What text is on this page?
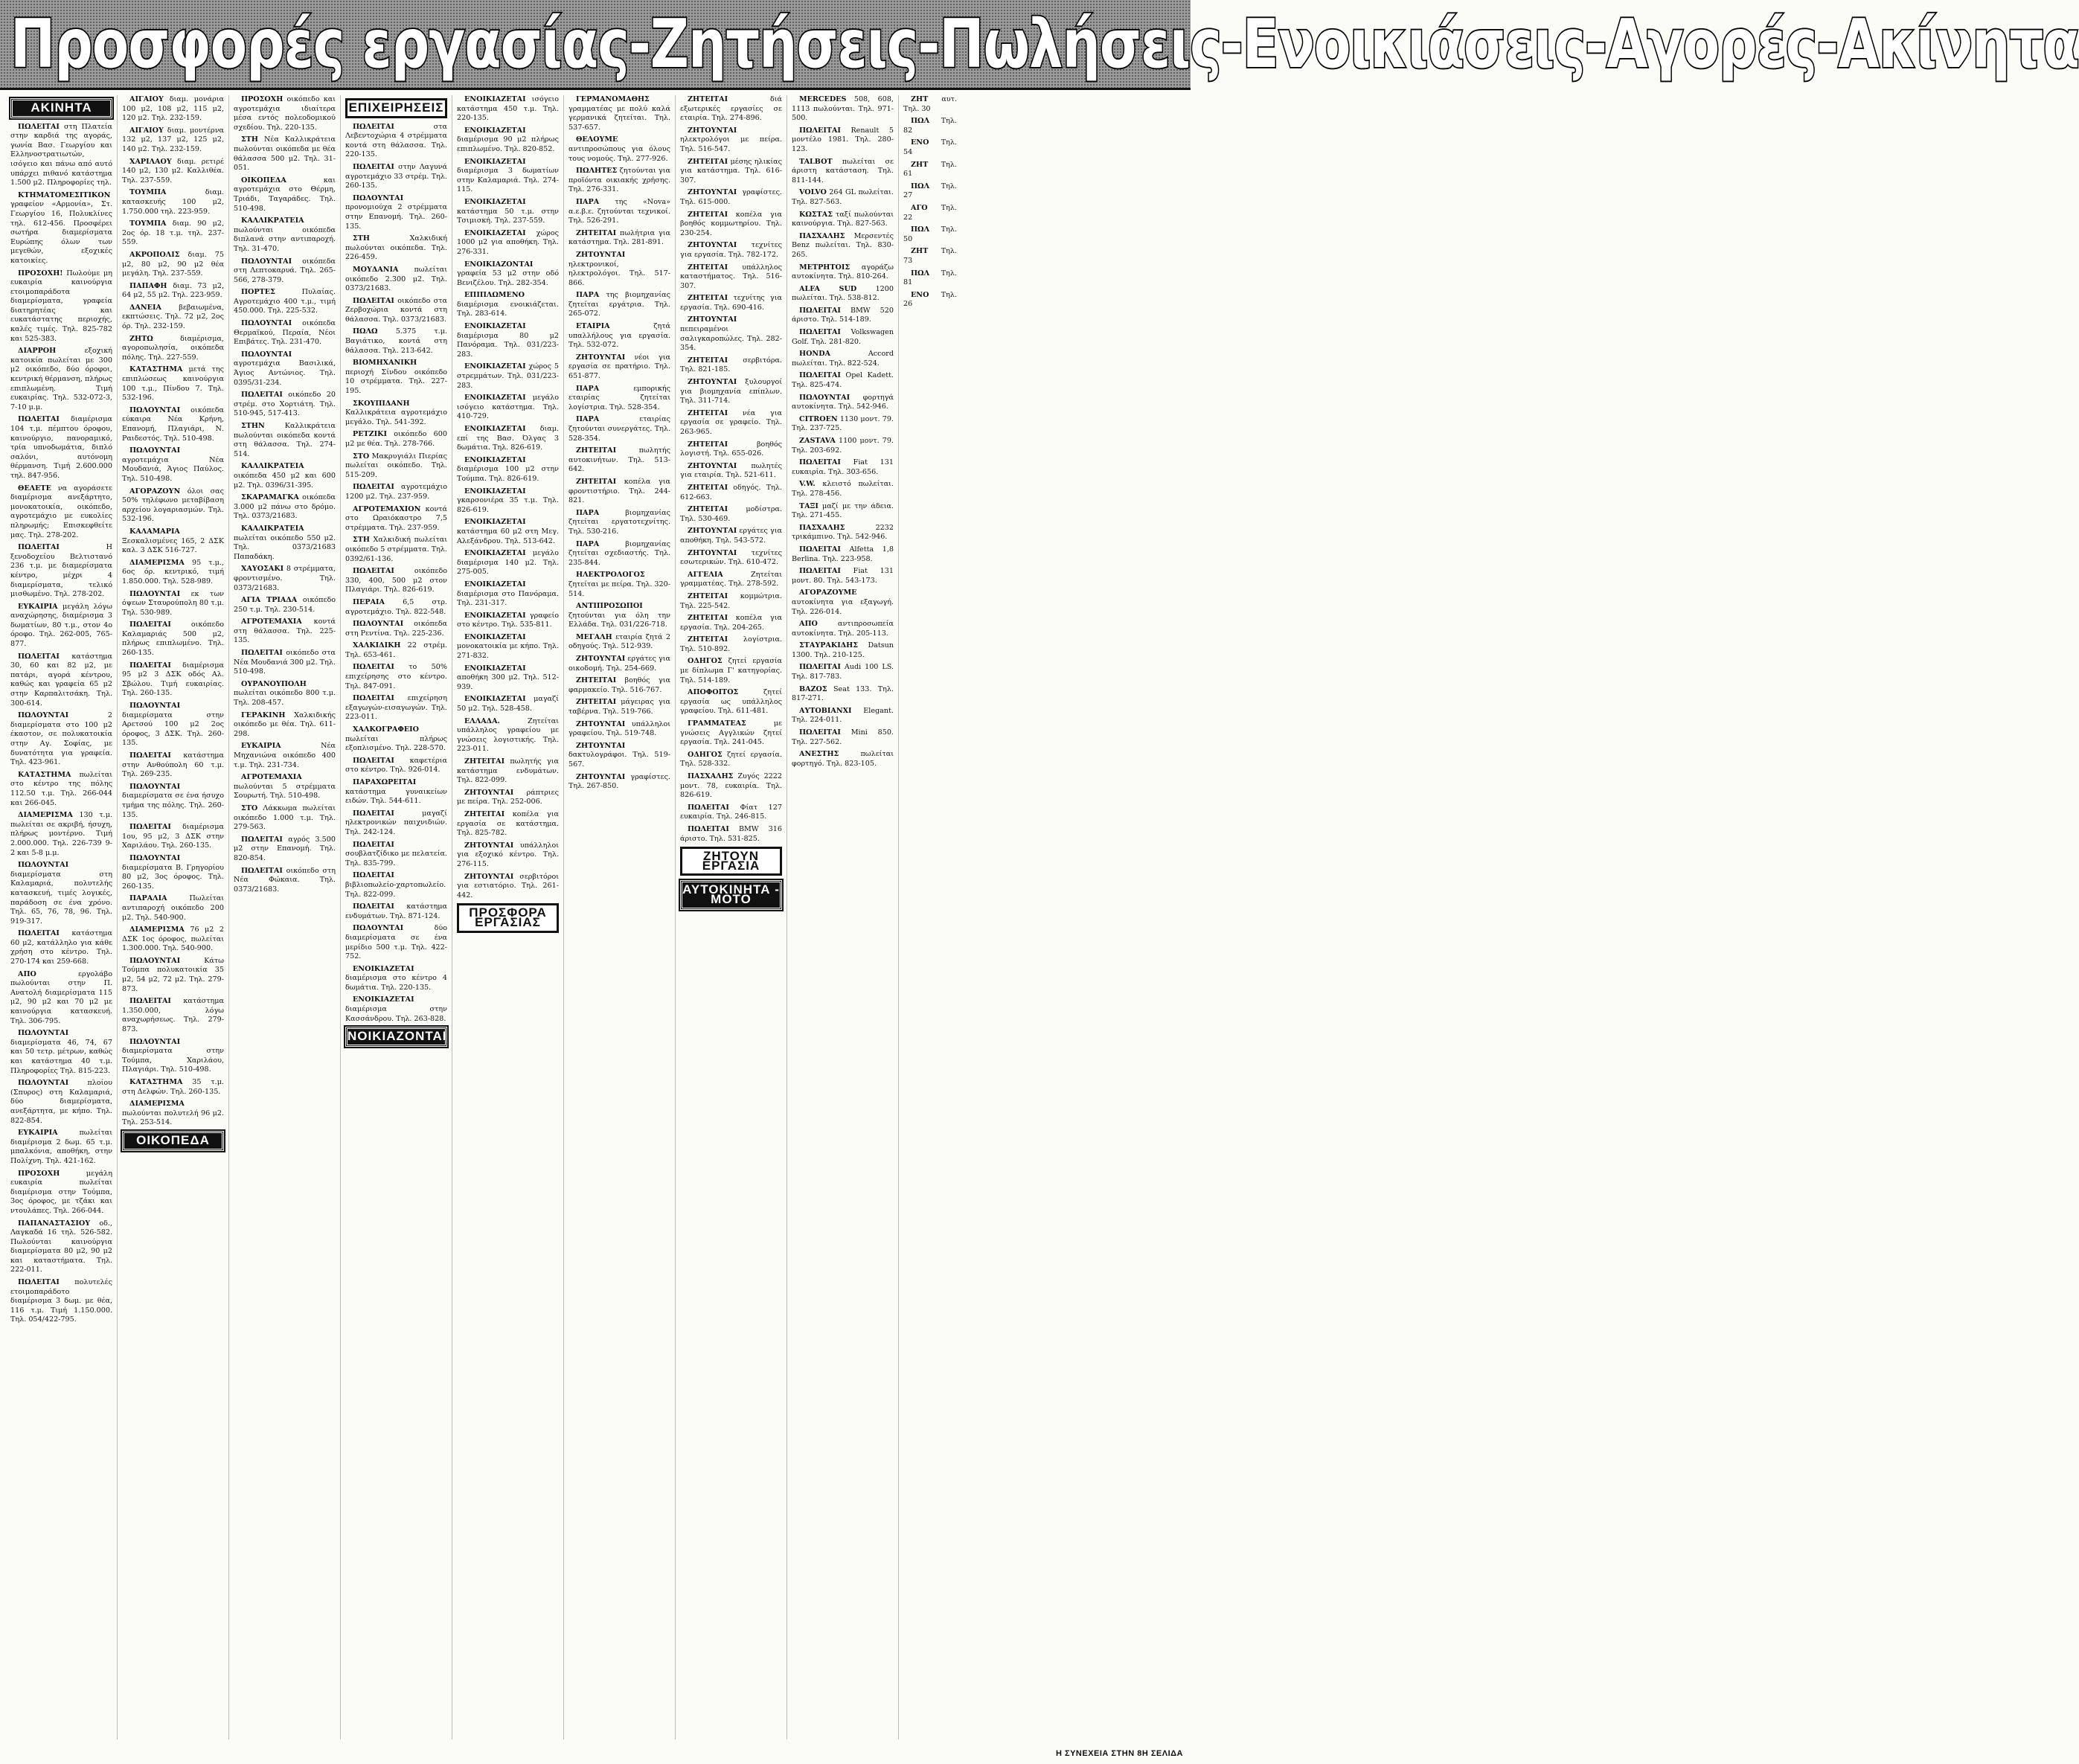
Προσφορές εργασίας-Ζητήσεις-Πωλήσεις-Ενοικιάσεις-Αγορές-Ακίνητα
ΑΚΙΝΗΤΑ

ΠΩΛΕΙΤΑΙ στη Πλατεία στην καρδιά της αγοράς, γωνία Βασ. Γεωργίου και Ελληνοστρατιωτών, ισόγειο και πάνω από αυτό υπάρχει πιθανό κατάστημα 1.500 μ2. Πληροφορίες τηλ.

ΚΤΗΜΑΤΟΜΕΣΙΤΙΚΟΝ γραφείον «Αρμονία», Στ. Γεωργίου 16, Πολυκλίνες τηλ. 612-456. Προσφέρει σωτήρα διαμερίσματα Ευρώπης όλων των μεγεθών, εξοχικές κατοικίες.

ΠΡΟΣΟΧΗ! Πωλούμε μη ευκαιρία καινούργια ετοιμοπαράδοτα διαμερίσματα, γραφεία διατηρητέας και ευκατάστατης περιοχής, καλές τιμές. Τηλ. 825-782 και 525-383.

ΔΙΑΡΡΟΗ	εξοχική κατοικία πωλείται με 300 μ2 οικόπεδο, δύο όροφοι, κεντρική θέρμανση, πλήρως επιπλωμένη. Τιμή ευκαιρίας. Τηλ. 532-072-3, 7-10 μ.μ.

ΠΩΛΕΙΤΑΙ διαμέρισμα 104 τ.μ. πέμπτου όροφου, καινούργιο, πανοραμικό, τρία υπνοδωμάτια, διπλό σαλόνι, αυτόνομη θέρμανση. Τιμή 2.600.000 τηλ. 847-956.

ΘΕΛΕΤΕ να αγοράσετε διαμέρισμα ανεξάρτητο, μονοκατοικία, οικόπεδο, αγροτεμάχιο με ευκολίες πληρωμής; Επισκεφθείτε μας. Τηλ. 278-202.

ΠΩΛΕΙΤΑΙ	Η ξενοδοχείου Βελτιστανό 236 τ.μ. με διαμερίσματα κέντρο, μέχρι 4 διαμερίσματα, τελικό μισθωμένο. Τηλ. 278-202.

ΕΥΚΑΙΡΙΑ μεγάλη λόγω αναχώρησης, διαμέρισμα 3 δωματίων, 80 τ.μ., στον 4ο όροφο. Τηλ. 262-005, 765-877.

ΠΩΛΕΙΤΑΙ κατάστημα 30, 60 και 82 μ2, με πατάρι, αγορά κέντρου, καθώς και γραφεία 65 μ2 στην Καρπαλιτσάκη. Τηλ. 300-614.

ΠΩΛΟΥΝΤΑΙ	2 διαμερίσματα στο 100 μ2 έκαστον, σε πολυκατοικία στην Αγ. Σοφίας, με δυνατότητα για γραφεία. Τηλ. 423-961.

ΚΑΤΑΣΤΗΜΑ πωλείται στο κέντρο της πόλης 112.50 τ.μ. Τηλ. 266-044 και 266-045.

ΔΙΑΜΕΡΙΣΜΑ 130 τ.μ. πωλείται σε ακριβή, ήσυχη, πλήρως μοντέρνο. Τιμή 2.000.000. Τηλ. 226-739 9-2 και 5-8 μ.μ.

ΠΩΛΟΥΝΤΑΙ διαμερίσματα στη Καλαμαριά, πολυτελής κατασκευή, τιμές λογικές, παράδοση σε ένα χρόνο. Τηλ. 65, 76, 78, 96. Τηλ. 919-317.

ΠΩΛΕΙΤΑΙ κατάστημα 60 μ2, κατάλληλο για κάθε χρήση στο κέντρο. Τηλ. 270-174 και 259-668.

ΑΠΟ	εργολάβο πωλούνται στην Π. Ανατολή διαμερίσματα 115 μ2, 90 μ2 και 70 μ2 με καινούργια κατασκευή. Τηλ. 306-795.

ΠΩΛΟΥΝΤΑΙ διαμερίσματα 46, 74, 67 και 50 τετρ. μέτρων, καθώς και κατάστημα 40 τ.μ. Πληροφορίες Τηλ. 815-223.

ΠΩΛΟΥΝΤΑΙ	πλοίου (Σπυρος) στη Καλαμαριά, δύο διαμερίσματα, ανεξάρτητα, με κήπο. Τηλ. 822-854.

ΕΥΚΑΙΡΙΑ	πωλείται διαμέρισμα 2 δωμ. 65 τ.μ. μπαλκόνια, αποθήκη, στην Πολίχνη. Τηλ. 421-162.

ΠΡΟΣΟΧΗ	μεγάλη ευκαιρία πωλείται διαμέρισμα στην Τούμπα, 3ος όροφος, με τζάκι και ντουλάπες. Τηλ. 266-044.

ΠΑΠΑΝΑΣΤΑΣΙΟΥ οδ., Λαγκαδά 16 τηλ. 526-582. Πωλούνται καινούργια διαμερίσματα 80 μ2, 90 μ2 και καταστήματα. Τηλ. 222-011.

ΠΩΛΕΙΤΑΙ πολυτελές ετοιμοπαράδοτο διαμέρισμα 3 δωμ. με θέα, 116 τ.μ. Τιμή 1.150.000. Τηλ. 054/422-795.

ΑΙΓΑΙΟΥ διαμ. μονάρια 100 μ2, 108 μ2, 115 μ2, 120 μ2. Τηλ. 232-159.

ΑΙΓΑΙΟΥ διαμ. μοντέρνα 132 μ2, 137 μ2, 125 μ2, 140 μ2. Τηλ. 232-159.

ΧΑΡΙΛΑΟΥ διαμ. ρετιρέ 140 μ2, 130 μ2. Καλλιθέα. Τηλ. 237-559.

ΤΟΥΜΠΑ	διαμ. κατασκευής 100 μ2, 1.750.000 τηλ. 223-959.

ΤΟΥΜΠΑ διαμ. 90 μ2, 2ος όρ. 18 τ.μ. τηλ. 237-559.

ΑΚΡΟΠΟΛΙΣ διαμ. 75 μ2, 80 μ2, 90 μ2 θέα μεγάλη. Τηλ. 237-559.

ΠΑΠΑΦΗ διαμ. 73 μ2, 64 μ2, 55 μ2. Τηλ. 223-959.

ΔΑΝΕΙΑ βεβαιωμένα, εκπτώσεις. Τηλ. 72 μ2, 2ος όρ. Τηλ. 232-159.

ΖΗΤΩ	διαμέρισμα, αγοροπωλησία, οικόπεδα πόλης. Τηλ. 227-559.

ΚΑΤΑΣΤΗΜΑ μετά της επιπλώσεως καινούργια 100 τ.μ., Πίνδου 7. Τηλ. 532-196.

ΠΩΛΟΥΝΤΑΙ οικόπεδα εύκαιρα Νέα Κρήνη, Επανομή, Πλαγιάρι, Ν. Ραιδεστός. Τηλ. 510-498.

ΠΩΛΟΥΝΤΑΙ αγροτεμάχια Νέα Μουδανιά, Άγιος Παύλος. Τηλ. 510-498.

ΑΓΟΡΑΖΟΥΝ όλοι σας 50% τηλέφωνο μεταβίβαση αρχείου λογαριασμών. Τηλ. 532-196.

ΚΑΛΑΜΑΡΙΑ Ξεσκαλισμένες 165, 2 ΔΣΚ καλ. 3 ΔΣΚ 516-727.

ΔΙΑΜΕΡΙΣΜΑ 95 τ.μ., 6ος όρ. κεντρικό, τιμή 1.850.000. Τηλ. 528-989.

ΠΩΛΟΥΝΤΑΙ εκ των όψεων Σταυρούπολη 80 τ.μ. Τηλ. 530-989.

ΠΩΛΕΙΤΑΙ	οικόπεδο Καλαμαριάς 500 μ2, πλήρως επιπλωμένο. Τηλ. 260-135.

ΠΩΛΕΙΤΑΙ διαμέρισμα 95 μ2 3 ΔΣΚ οδός Αλ. Σβώλου. Τιμή ευκαιρίας. Τηλ. 260-135.

ΠΩΛΟΥΝΤΑΙ διαμερίσματα στην Αρετσού 100 μ2 2ος όροφος, 3 ΔΣΚ. Τηλ. 260-135.

ΠΩΛΕΙΤΑΙ κατάστημα στην Ανθούπολη 60 τ.μ. Τηλ. 269-235.

ΠΩΛΟΥΝΤΑΙ διαμερίσματα σε ένα ήσυχο τμήμα της πόλης. Τηλ. 260-135.

ΠΩΛΕΙΤΑΙ διαμέρισμα 1ου, 95 μ2, 3 ΔΣΚ στην Χαριλάου. Τηλ. 260-135.

ΠΩΛΟΥΝΤΑΙ διαμερίσματα Β. Γρηγορίου 80 μ2, 3ος όροφος. Τηλ. 260-135.

ΠΑΡΑΛΙΑ	Πωλείται αντιπαροχή οικόπεδο 200 μ2. Τηλ. 540-900.

ΔΙΑΜΕΡΙΣΜΑ 76 μ2 2 ΔΣΚ 1ος όροφος, πωλείται 1.300.000. Τηλ. 540-900.

ΠΩΛΟΥΝΤΑΙ	Κάτω Τούμπα πολυκατοικία 35 μ2, 54 μ2, 72 μ2. Τηλ. 279-873.

ΠΩΛΕΙΤΑΙ κατάστημα 1.350.000, λόγω αναχωρήσεως. Τηλ. 279-873.

ΠΩΛΟΥΝΤΑΙ διαμερίσματα στην Τούμπα, Χαριλάου, Πλαγιάρι. Τηλ. 510-498.

ΚΑΤΑΣΤΗΜΑ 35 τ.μ. στη Δελφών. Τηλ. 260-135.

ΔΙΑΜΕΡΙΣΜΑ πωλούνται πολυτελή 96 μ2. Τηλ. 253-514.

ΟΙΚΟΠΕΔΑ

ΠΡΟΣΟΧΗ οικόπεδο και αγροτεμάχια ιδιαίτερα μέσα εντός πολεοδομικού σχεδίου. Τηλ. 220-135.

ΣΤΗ Νέα Καλλικράτεια πωλούνται οικόπεδα με θέα θάλασσα 500 μ2. Τηλ. 31-051.

ΟΙΚΟΠΕΔΑ	και αγροτεμάχια στο Θέρμη, Τριάδι, Ταγαράδες. Τηλ. 510-498.

ΚΑΛΛΙΚΡΑΤΕΙΑ πωλούνται οικόπεδα διπλανά στην αντιπαροχή. Τηλ. 31-470.

ΠΩΛΟΥΝΤΑΙ οικόπεδα στη Λεπτοκαρυά. Τηλ. 265-566, 278-379.

ΠΟΡΤΕΣ	Πυλαίας. Αγροτεμάχιο 400 τ.μ., τιμή 450.000. Τηλ. 225-532.

ΠΩΛΟΥΝΤΑΙ οικόπεδα Θερμαϊκού, Περαία, Νέοι Επιβάτες. Τηλ. 231-470.

ΠΩΛΟΥΝΤΑΙ αγροτεμάχια Βασιλικά, Άγιος Αντώνιος. Τηλ. 0395/31-234.

ΠΩΛΕΙΤΑΙ οικόπεδο 20 στρέμ. στο Χορτιάτη. Τηλ. 510-945, 517-413.

ΣΤΗΝ	Καλλικράτεια πωλούνται οικόπεδα κοντά στη θάλασσα. Τηλ. 274-514.

ΚΑΛΛΙΚΡΑΤΕΙΑ οικόπεδα 450 μ2 και 600 μ2. Τηλ. 0396/31-395.

ΣΚΑΡΑΜΑΓΚΑ οικόπεδα 3.000 μ2 πάνω στο δρόμο. Τηλ. 0373/21683.

ΚΑΛΛΙΚΡΑΤΕΙΑ πωλείται οικόπεδο 550 μ2. Τηλ. 0373/21683 Παπαδάκη.

ΧΑΥΟΣΑΚΙ 8 στρέμματα, φροντισμένο. Τηλ. 0373/21683.

ΑΓΙΑ ΤΡΙΑΔΑ οικόπεδο 250 τ.μ. Τηλ. 230-514.

ΑΓΡΟΤΕΜΑΧΙΑ κοντά στη θάλασσα. Τηλ. 225-135.

ΠΩΛΕΙΤΑΙ οικόπεδο στα Νέα Μουδανιά 300 μ2. Τηλ. 510-498.

ΟΥΡΑΝΟΥΠΟΛΗ πωλείται οικόπεδο 800 τ.μ. Τηλ. 208-457.

ΓΕΡΑΚΙΝΗ Χαλκιδικής οικόπεδο με θέα. Τηλ. 611-298.

ΕΥΚΑΙΡΙΑ	Νέα Μηχανιώνα οικόπεδο 400 τ.μ. Τηλ. 231-734.

ΑΓΡΟΤΕΜΑΧΙΑ πωλούνται 5 στρέμματα Σουρωτή. Τηλ. 510-498.

ΣΤΟ Λάκκωμα πωλείται οικόπεδο 1.000 τ.μ. Τηλ. 279-563.

ΠΩΛΕΙΤΑΙ αγρός 3.500 μ2 στην Επανομή. Τηλ. 820-854.

ΠΩΛΕΙΤΑΙ οικόπεδο στη Νέα Φώκαια. Τηλ. 0373/21683.

ΕΠΙΧΕΙΡΗΣΕΙΣ

ΠΩΛΕΙΤΑΙ	στα Λεβεντοχώρια 4 στρέμματα κοντά στη θάλασσα. Τηλ. 220-135.

ΠΩΛΕΙΤΑΙ στην Λαγυνά αγροτεμάχιο 33 στρέμ. Τηλ. 260-135.

ΠΩΛΟΥΝΤΑΙ προνομιούχα 2 στρέμματα στην Επανομή. Τηλ. 260-135.

ΣΤΗ	Χαλκιδική πωλούνται οικόπεδα. Τηλ. 226-459.

ΜΟΥΔΑΝΙΑ πωλείται οικόπεδο 2.300 μ2. Τηλ. 0373/21683.

ΠΩΛΕΙΤΑΙ οικόπεδο στα Ζερβοχώρια κοντά στη θάλασσα. Τηλ. 0373/21683.

ΠΩΛΩ	5.375 τ.μ. Βαγιάτικο, κοντά στη θάλασσα. Τηλ. 213-642.

ΒΙΟΜΗΧΑΝΙΚΗ περιοχή Σίνδου οικόπεδο 10 στρέμματα. Τηλ. 227-195.

ΣΚΟΥΠΙΔΑΝΗ Καλλικράτεια αγροτεμάχιο μεγάλο. Τηλ. 541-392.

ΡΕΤΖΙΚΙ οικόπεδο 600 μ2 με θέα. Τηλ. 278-766.

ΣΤΟ Μακρυγιάλι Πιερίας πωλείται οικόπεδο. Τηλ. 515-209.

ΠΩΛΕΙΤΑΙ αγροτεμάχιο 1200 μ2. Τηλ. 237-959.

ΑΓΡΟΤΕΜΑΧΙΟΝ κοντά στο Ωραιόκαστρο 7,5 στρέμματα. Τηλ. 237-959.

ΣΤΗ Χαλκιδική πωλείται οικόπεδο 5 στρέμματα. Τηλ. 0392/61-136.

ΠΩΛΕΙΤΑΙ	οικόπεδο 330, 400, 500 μ2 στον Πλαγιάρι. Τηλ. 826-619.

ΠΕΡΑΙΑ	6,5 στρ. αγροτεμάχιο. Τηλ. 822-548.

ΠΩΛΟΥΝΤΑΙ οικόπεδα στη Ρεντίνα. Τηλ. 225-236.

ΧΑΛΚΙΔΙΚΗ 22 στρέμ. Τηλ. 653-461.

ΠΩΛΕΙΤΑΙ το 50% επιχείρησης στο κέντρο. Τηλ. 847-091.

ΠΩΛΕΙΤΑΙ επιχείρηση εξαγωγών-εισαγωγών. Τηλ. 223-011.

ΧΑΛΚΟΓΡΑΦΕΙΟ πωλείται πλήρως εξοπλισμένο. Τηλ. 228-570.

ΠΩΛΕΙΤΑΙ καφετέρια στο κέντρο. Τηλ. 926-014.

ΠΑΡΑΧΩΡΕΙΤΑΙ κατάστημα γυναικείων ειδών. Τηλ. 544-611.

ΠΩΛΕΙΤΑΙ	μαγαζί ηλεκτρονικών παιχνιδιών. Τηλ. 242-124.

ΠΩΛΕΙΤΑΙ σουβλατζίδικο με πελατεία. Τηλ. 835-799.

ΠΩΛΕΙΤΑΙ βιβλιοπωλείο-χαρτοπωλείο. Τηλ. 822-099.

ΠΩΛΕΙΤΑΙ κατάστημα ενδυμάτων. Τηλ. 871-124.

ΠΩΛΟΥΝΤΑΙ	δύο διαμερίσματα σε ένα μερίδιο 500 τ.μ. Τηλ. 422-752.

ΕΝΟΙΚΙΑΖΕΤΑΙ διαμέρισμα στο κέντρο 4 δωμάτια. Τηλ. 220-135.

ΕΝΟΙΚΙΑΖΕΤΑΙ διαμέρισμα στην Κασσάνδρου. Τηλ. 263-828.

ΝΟΙΚΙΑΖΟΝΤΑΙ

ΕΝΟΙΚΙΑΖΕΤΑΙ ισόγειο κατάστημα 450 τ.μ. Τηλ. 220-135.

ΕΝΟΙΚΙΑΖΕΤΑΙ διαμέρισμα 90 μ2 πλήρως επιπλωμένο. Τηλ. 820-852.

ΕΝΟΙΚΙΑΖΕΤΑΙ διαμέρισμα 3 δωματίων στην Καλαμαριά. Τηλ. 274-115.

ΕΝΟΙΚΙΑΖΕΤΑΙ κατάστημα 50 τ.μ. στην Τσιμισκή. Τηλ. 237-559.

ΕΝΟΙΚΙΑΖΕΤΑΙ χώρος 1000 μ2 για αποθήκη. Τηλ. 276-331.

ΕΝΟΙΚΙΑΖΟΝΤΑΙ γραφεία 53 μ2 στην οδό Βενιζέλου. Τηλ. 282-354.

ΕΠΙΠΛΩΜΕΝΟ διαμέρισμα ενοικιάζεται. Τηλ. 283-614.

ΕΝΟΙΚΙΑΖΕΤΑΙ διαμέρισμα 80 μ2 Πανόραμα. Τηλ. 031/223-283.

ΕΝΟΙΚΙΑΖΕΤΑΙ χώρος 5 στρεμμάτων. Τηλ. 031/223-283.

ΕΝΟΙΚΙΑΖΕΤΑΙ μεγάλο ισόγειο κατάστημα. Τηλ. 410-729.

ΕΝΟΙΚΙΑΖΕΤΑΙ διαμ. επί της Βασ. Όλγας 3 δωμάτια. Τηλ. 826-619.

ΕΝΟΙΚΙΑΖΕΤΑΙ διαμέρισμα 100 μ2 στην Τούμπα. Τηλ. 826-619.

ΕΝΟΙΚΙΑΖΕΤΑΙ γκαρσονιέρα 35 τ.μ. Τηλ. 826-619.

ΕΝΟΙΚΙΑΖΕΤΑΙ κατάστημα 60 μ2 στη Μεγ. Αλεξάνδρου. Τηλ. 513-642.

ΕΝΟΙΚΙΑΖΕΤΑΙ μεγάλο διαμέρισμα 140 μ2. Τηλ. 275-005.

ΕΝΟΙΚΙΑΖΕΤΑΙ διαμέρισμα στο Πανόραμα. Τηλ. 231-317.

ΕΝΟΙΚΙΑΖΕΤΑΙ γραφείο στο κέντρο. Τηλ. 535-811.

ΕΝΟΙΚΙΑΖΕΤΑΙ μονοκατοικία με κήπο. Τηλ. 271-832.

ΕΝΟΙΚΙΑΖΕΤΑΙ αποθήκη 300 μ2. Τηλ. 512-939.

ΕΝΟΙΚΙΑΖΕΤΑΙ μαγαζί 50 μ2. Τηλ. 528-458.

ΕΛΛΑΔΑ.	Ζητείται υπάλληλος γραφείου με γνώσεις λογιστικής. Τηλ. 223-011.

ΖΗΤΕΙΤΑΙ πωλητής για κατάστημα ενδυμάτων. Τηλ. 822-099.

ΖΗΤΟΥΝΤΑΙ ράπτριες με πείρα. Τηλ. 252-006.

ΖΗΤΕΙΤΑΙ κοπέλα για εργασία σε κατάστημα. Τηλ. 825-782.

ΖΗΤΟΥΝΤΑΙ υπάλληλοι για εξοχικό κέντρο. Τηλ. 276-115.

ΖΗΤΟΥΝΤΑΙ σερβιτόροι για εστιατόριο. Τηλ. 261-442.

ΠΡΟΣΦΟΡΑ ΕΡΓΑΣΙΑΣ

ΓΕΡΜΑΝΟΜΑΘΗΣ γραμματέας με πολύ καλά γερμανικά ζητείται. Τηλ. 537-657.

ΘΕΛΟΥΜΕ αντιπροσώπους για όλους τους νομούς. Τηλ. 277-926.

ΠΩΛΗΤΕΣ ζητούνται για προϊόντα οικιακής χρήσης. Τηλ. 276-331.

ΠΑΡΑ της «Nova» α.ε.β.ε. ζητούνται τεχνικοί. Τηλ. 526-291.

ΖΗΤΕΙΤΑΙ πωλήτρια για κατάστημα. Τηλ. 281-891.

ΖΗΤΟΥΝΤΑΙ ηλεκτρονικοί, ηλεκτρολόγοι. Τηλ. 517-866.

ΠΑΡΑ της βιομηχανίας ζητείται εργάτρια. Τηλ. 265-072.

ΕΤΑΙΡΙΑ	ζητά υπαλλήλους για εργασία. Τηλ. 532-072.

ΖΗΤΟΥΝΤΑΙ νέοι για εργασία σε πρατήριο. Τηλ. 651-877.

ΠΑΡΑ	εμπορικής εταιρίας ζητείται λογίστρια. Τηλ. 528-354.

ΠΑΡΑ	εταιρίας ζητούνται συνεργάτες. Τηλ. 528-354.

ΖΗΤΕΙΤΑΙ	πωλητής αυτοκινήτων. Τηλ. 513-642.

ΖΗΤΕΙΤΑΙ κοπέλα για φροντιστήριο. Τηλ. 244-821.

ΠΑΡΑ	βιομηχανίας ζητείται εργατοτεχνίτης. Τηλ. 530-216.

ΠΑΡΑ	βιομηχανίας ζητείται σχεδιαστής. Τηλ. 235-844.

ΗΛΕΚΤΡΟΛΟΓΟΣ ζητείται με πείρα. Τηλ. 320-514.

ΑΝΤΙΠΡΟΣΩΠΟΙ ζητούνται για όλη την Ελλάδα. Τηλ. 031/226-718.

ΜΕΓΑΛΗ εταιρία ζητά 2 οδηγούς. Τηλ. 512-939.

ΖΗΤΟΥΝΤΑΙ εργάτες για οικοδομή. Τηλ. 254-669.

ΖΗΤΕΙΤΑΙ βοηθός για φαρμακείο. Τηλ. 516-767.

ΖΗΤΕΙΤΑΙ μάγειρας για ταβέρνα. Τηλ. 519-766.

ΖΗΤΟΥΝΤΑΙ υπάλληλοι γραφείου. Τηλ. 519-748.

ΖΗΤΟΥΝΤΑΙ δακτυλογράφοι. Τηλ. 519-567.

ΖΗΤΟΥΝΤΑΙ γραφίστες. Τηλ. 267-850.

ΖΗΤΕΙΤΑΙ	διά εξωτερικές εργασίες σε εταιρία. Τηλ. 274-896.

ΖΗΤΟΥΝΤΑΙ ηλεκτρολόγοι με πείρα. Τηλ. 516-547.

ΖΗΤΕΙΤΑΙ μέσης ηλικίας για κατάστημα. Τηλ. 616-307.

ΖΗΤΟΥΝΤΑΙ γραφίστες. Τηλ. 615-000.

ΖΗΤΕΙΤΑΙ κοπέλα για βοηθός κομμωτηρίου. Τηλ. 230-254.

ΖΗΤΟΥΝΤΑΙ τεχνίτες για εργασία. Τηλ. 782-172.

ΖΗΤΕΙΤΑΙ υπάλληλος καταστήματος. Τηλ. 516-307.

ΖΗΤΕΙΤΑΙ τεχνίτης για εργασία. Τηλ. 690-416.

ΖΗΤΟΥΝΤΑΙ πεπειραμένοι σαλιγκαροπώλες. Τηλ. 282-354.

ΖΗΤΕΙΤΑΙ σερβιτόρα. Τηλ. 821-185.

ΖΗΤΟΥΝΤΑΙ ξυλουργοί για βιομηχανία επίπλων. Τηλ. 311-714.

ΖΗΤΕΙΤΑΙ νέα για εργασία σε γραφείο. Τηλ. 263-965.

ΖΗΤΕΙΤΑΙ	βοηθός λογιστή. Τηλ. 655-026.

ΖΗΤΟΥΝΤΑΙ πωλητές για εταιρία. Τηλ. 521-611.

ΖΗΤΕΙΤΑΙ οδηγός. Τηλ. 612-663.

ΖΗΤΕΙΤΑΙ	μοδίστρα. Τηλ. 530-469.

ΖΗΤΟΥΝΤΑΙ εργάτες για αποθήκη. Τηλ. 543-572.

ΖΗΤΟΥΝΤΑΙ τεχνίτες εσωτερικών. Τηλ. 610-472.

ΑΓΓΕΛΙΑ	Ζητείται γραμματέας. Τηλ. 278-592.

ΖΗΤΕΙΤΑΙ κομμώτρια. Τηλ. 225-542.

ΖΗΤΕΙΤΑΙ κοπέλα για εργασία. Τηλ. 204-265.

ΖΗΤΕΙΤΑΙ λογίστρια. Τηλ. 510-892.

ΟΔΗΓΟΣ ζητεί εργασία με δίπλωμα Γ' κατηγορίας. Τηλ. 514-189.

ΑΠΟΦΟΙΤΟΣ	ζητεί εργασία ως υπάλληλος γραφείου. Τηλ. 611-481.

ΓΡΑΜΜΑΤΕΑΣ	με γνώσεις Αγγλικών ζητεί εργασία. Τηλ. 241-045.

ΟΔΗΓΟΣ ζητεί εργασία. Τηλ. 528-332.

ΠΑΣΧΑΛΗΣ Ζυγός 2222 μοντ. 78, ευκαιρία. Τηλ. 826-619.

ΠΩΛΕΙΤΑΙ Φίατ 127 ευκαιρία. Τηλ. 246-815.

ΠΩΛΕΙΤΑΙ ΒΜW 316 άριστο. Τηλ. 531-825.

ΖΗΤΟΥΝ ΕΡΓΑΣΙΑ
ΑΥΤΟΚΙΝΗΤΑ - ΜΟΤΟ

MERCEDES 508, 608, 1113 πωλούνται. Τηλ. 971-500.

ΠΩΛΕΙΤΑΙ Renault 5 μοντέλο 1981. Τηλ. 280-123.

TALBOT πωλείται σε άριστη κατάσταση. Τηλ. 811-144.

VOLVO 264 GL πωλείται. Τηλ. 827-563.

ΚΩΣΤΑΣ ταξί πωλούνται καινούργια. Τηλ. 827-563.

ΠΑΣΧΑΛΗΣ Μερσεντές Benz πωλείται. Τηλ. 830-265.

ΜΕΤΡΗΤΟΙΣ αγοράζω αυτοκίνητα. Τηλ. 810-264.

ALFA SUD	1200 πωλείται. Τηλ. 538-812.

ΠΩΛΕΙΤΑΙ BMW 520 άριστο. Τηλ. 514-189.

ΠΩΛΕΙΤΑΙ Volkswagen Golf. Τηλ. 281-820.

HONDA	Accord πωλείται. Τηλ. 822-524.

ΠΩΛΕΙΤΑΙ Opel Kadett. Τηλ. 825-474.

ΠΩΛΟΥΝΤΑΙ φορτηγά αυτοκίνητα. Τηλ. 542-946.

CITROEN 1130 μοντ. 79. Τηλ. 237-725.

ZASTAVA 1100 μοντ. 79. Τηλ. 203-692.

ΠΩΛΕΙΤΑΙ Fiat 131 ευκαιρία. Τηλ. 303-656.

V.W. κλειστό πωλείται. Τηλ. 278-456.

ΤΑΞΙ μαζί με την άδεια. Τηλ. 271-455.

ΠΑΣΧΑΛΗΣ	2232 τρικάμπινο. Τηλ. 542-946.

ΠΩΛΕΙΤΑΙ Alfetta 1,8 Berlina. Τηλ. 223-958.

ΠΩΛΕΙΤΑΙ Fiat 131 μοντ. 80. Τηλ. 543-173.

ΑΓΟΡΑΖΟΥΜΕ αυτοκίνητα για εξαγωγή. Τηλ. 226-014.

ΑΠΟ	αντιπροσωπεία αυτοκίνητα. Τηλ. 205-113.

ΣΤΑΥΡΑΚΙΔΗΣ Datsun 1300. Τηλ. 210-125.

ΠΩΛΕΙΤΑΙ Audi 100 LS. Τηλ. 817-783.

ΒΑΖΟΣ Seat 133. Τηλ. 817-271.

ΑΥΤΟΒΙΑΝΧΙ Elegant. Τηλ. 224-011.

ΠΩΛΕΙΤΑΙ Mini 850. Τηλ. 227-562.

ΑΝΕΣΤΗΣ	πωλείται φορτηγό. Τηλ. 823-105.

ΖΗΤ αυτ. Τηλ. 30

ΠΩΛ Τηλ. 82

ΕΝΟ Τηλ. 54

ΖΗΤ Τηλ. 61

ΠΩΛ Τηλ. 27

ΑΓΟ Τηλ. 22

ΠΩΛ Τηλ. 50

ΖΗΤ Τηλ. 73

ΠΩΛ Τηλ. 81

ΕΝΟ Τηλ. 26

Η ΣΥΝΕΧΕΙΑ ΣΤΗΝ 8Η ΣΕΛΙΔΑ
